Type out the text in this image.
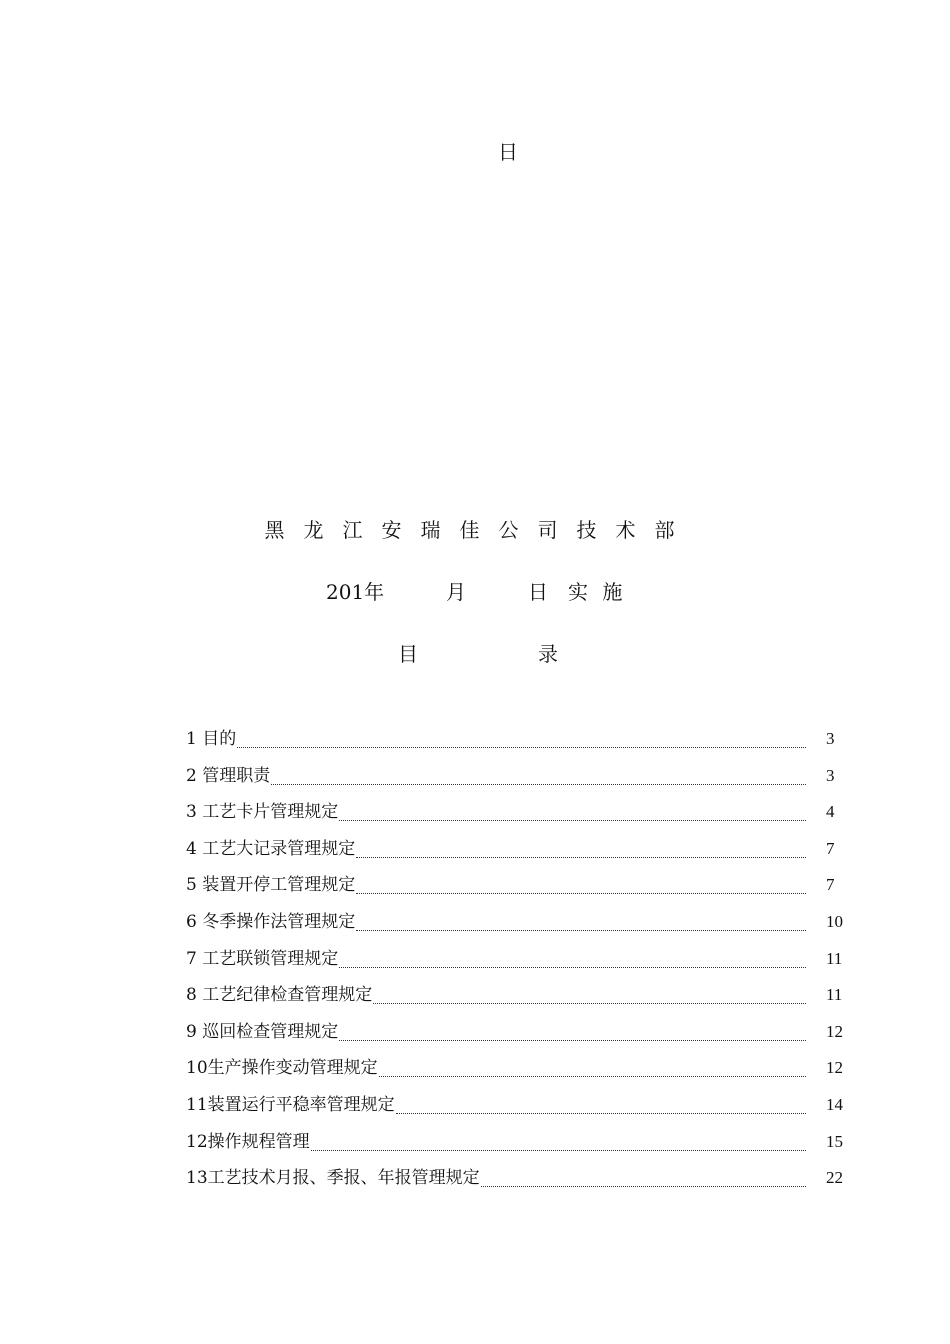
日
黑龙江安瑞佳公司技术部

201年

	月

	日

实 施

目	录
1 目的	3
2 管理职责	3
3 工艺卡片管理规定	4
4 工艺大记录管理规定	7
5 装置开停工管理规定	7
6 冬季操作法管理规定	10
7 工艺联锁管理规定	11
8 工艺纪律检查管理规定	11
9 巡回检查管理规定	12
10生产操作变动管理规定	12
11装置运行平稳率管理规定	14
12操作规程管理	15
13工艺技术月报、季报、年报管理规定	22
